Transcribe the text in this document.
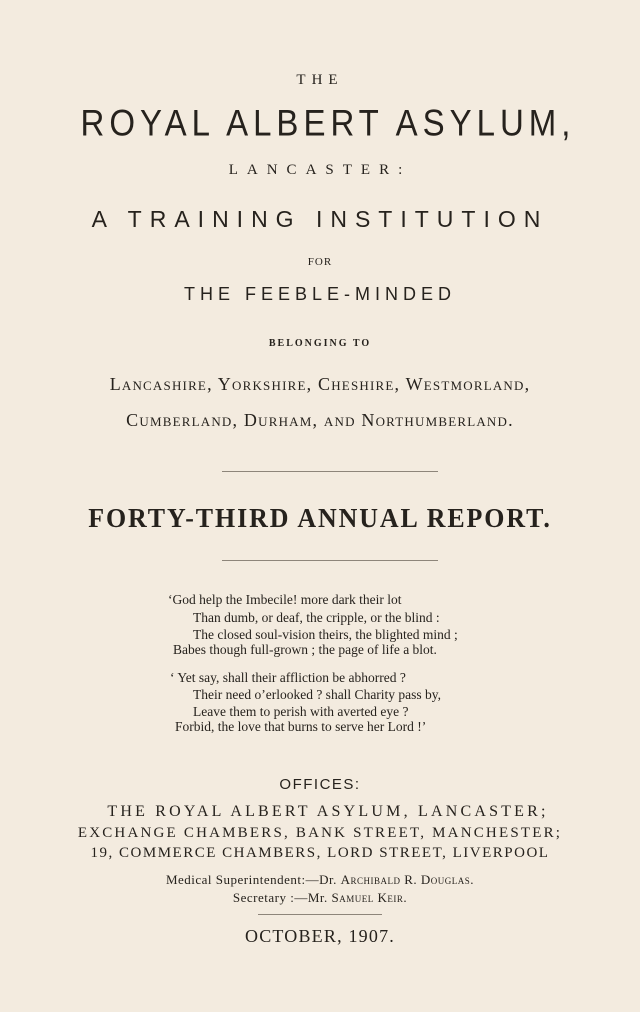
THE
ROYAL ALBERT ASYLUM,
LANCASTER:
A TRAINING INSTITUTION
FOR
THE FEEBLE-MINDED
BELONGING TO
Lancashire, Yorkshire, Cheshire, Westmorland,
Cumberland, Durham, and Northumberland.
FORTY-THIRD ANNUAL REPORT.
‘God help the Imbecile! more dark their lot
Than dumb, or deaf, the cripple, or the blind :
The closed soul-vision theirs, the blighted mind ;
Babes though full-grown ; the page of life a blot.
‘ Yet say, shall their affliction be abhorred ?
Their need o’erlooked ? shall Charity pass by,
Leave them to perish with averted eye ?
Forbid, the love that burns to serve her Lord !’
OFFICES:
THE ROYAL ALBERT ASYLUM, LANCASTER;
EXCHANGE CHAMBERS, BANK STREET, MANCHESTER;
19, COMMERCE CHAMBERS, LORD STREET, LIVERPOOL
Medical Superintendent:—Dr. Archibald R. Douglas.
Secretary :—Mr. Samuel Keir.
OCTOBER, 1907.
